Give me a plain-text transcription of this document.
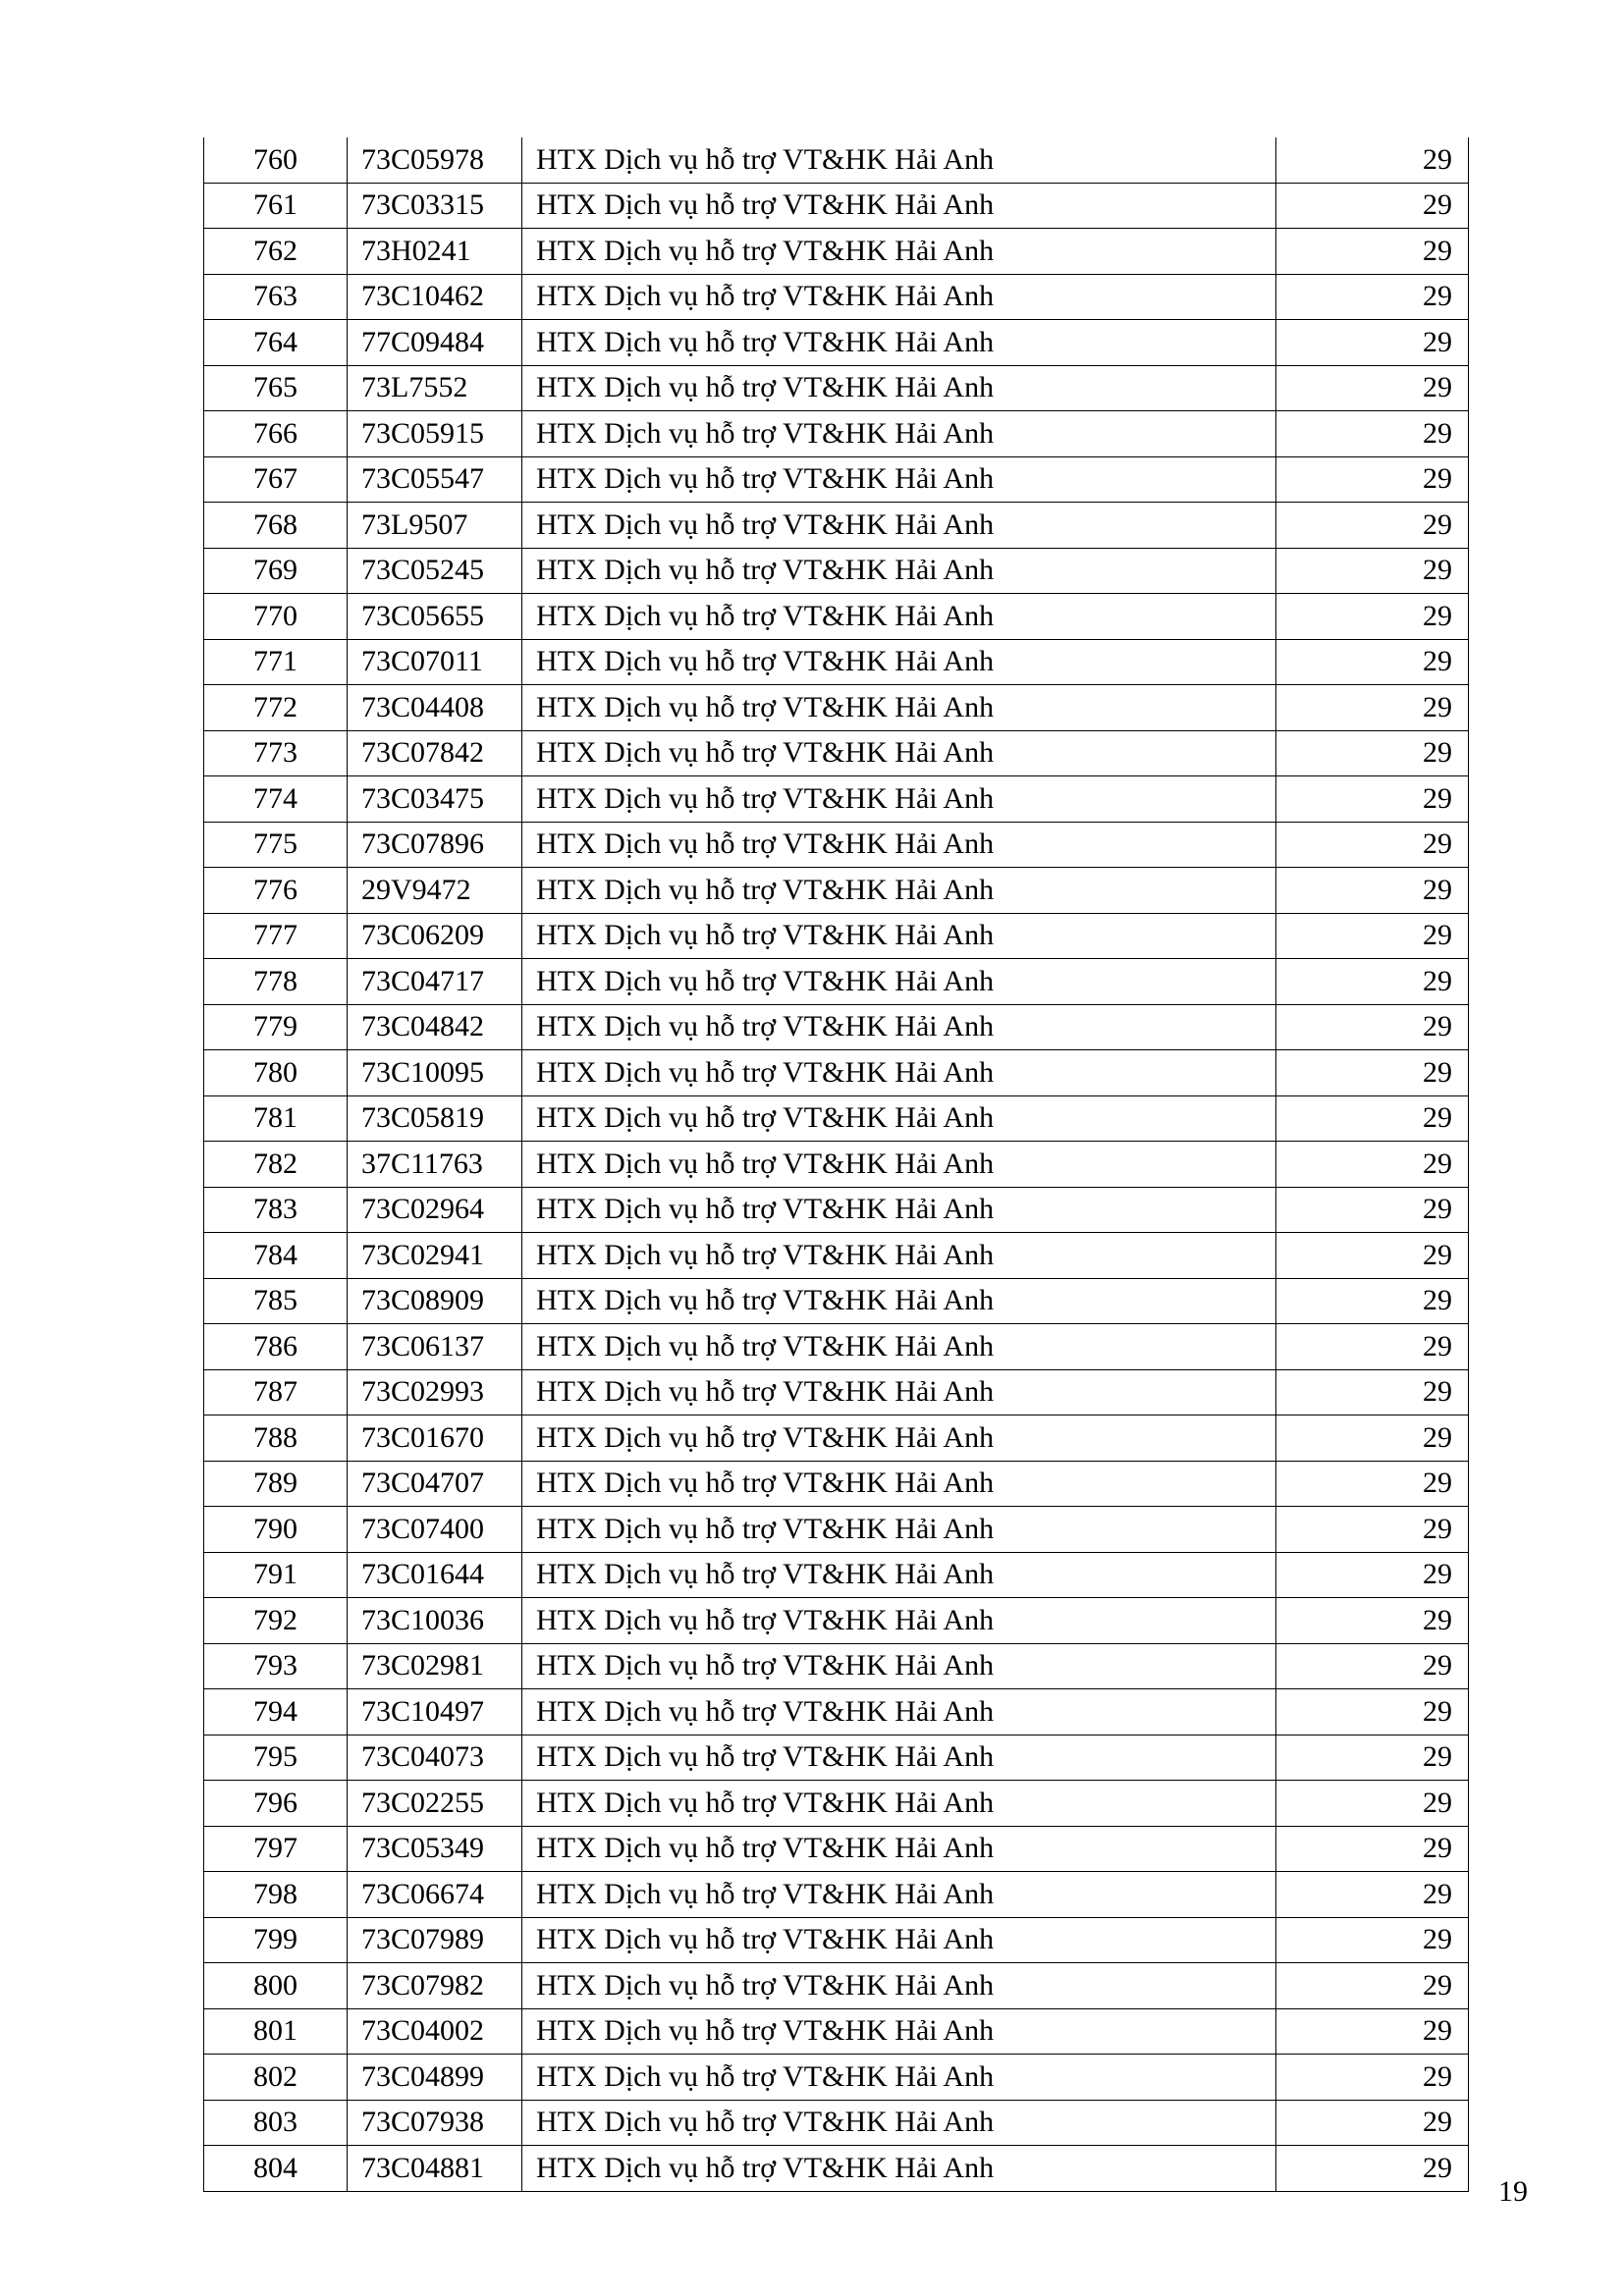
760	73C05978	HTX Dịch vụ hỗ trợ VT&HK Hải Anh	29
761	73C03315	HTX Dịch vụ hỗ trợ VT&HK Hải Anh	29
762	73H0241	HTX Dịch vụ hỗ trợ VT&HK Hải Anh	29
763	73C10462	HTX Dịch vụ hỗ trợ VT&HK Hải Anh	29
764	77C09484	HTX Dịch vụ hỗ trợ VT&HK Hải Anh	29
765	73L7552	HTX Dịch vụ hỗ trợ VT&HK Hải Anh	29
766	73C05915	HTX Dịch vụ hỗ trợ VT&HK Hải Anh	29
767	73C05547	HTX Dịch vụ hỗ trợ VT&HK Hải Anh	29
768	73L9507	HTX Dịch vụ hỗ trợ VT&HK Hải Anh	29
769	73C05245	HTX Dịch vụ hỗ trợ VT&HK Hải Anh	29
770	73C05655	HTX Dịch vụ hỗ trợ VT&HK Hải Anh	29
771	73C07011	HTX Dịch vụ hỗ trợ VT&HK Hải Anh	29
772	73C04408	HTX Dịch vụ hỗ trợ VT&HK Hải Anh	29
773	73C07842	HTX Dịch vụ hỗ trợ VT&HK Hải Anh	29
774	73C03475	HTX Dịch vụ hỗ trợ VT&HK Hải Anh	29
775	73C07896	HTX Dịch vụ hỗ trợ VT&HK Hải Anh	29
776	29V9472	HTX Dịch vụ hỗ trợ VT&HK Hải Anh	29
777	73C06209	HTX Dịch vụ hỗ trợ VT&HK Hải Anh	29
778	73C04717	HTX Dịch vụ hỗ trợ VT&HK Hải Anh	29
779	73C04842	HTX Dịch vụ hỗ trợ VT&HK Hải Anh	29
780	73C10095	HTX Dịch vụ hỗ trợ VT&HK Hải Anh	29
781	73C05819	HTX Dịch vụ hỗ trợ VT&HK Hải Anh	29
782	37C11763	HTX Dịch vụ hỗ trợ VT&HK Hải Anh	29
783	73C02964	HTX Dịch vụ hỗ trợ VT&HK Hải Anh	29
784	73C02941	HTX Dịch vụ hỗ trợ VT&HK Hải Anh	29
785	73C08909	HTX Dịch vụ hỗ trợ VT&HK Hải Anh	29
786	73C06137	HTX Dịch vụ hỗ trợ VT&HK Hải Anh	29
787	73C02993	HTX Dịch vụ hỗ trợ VT&HK Hải Anh	29
788	73C01670	HTX Dịch vụ hỗ trợ VT&HK Hải Anh	29
789	73C04707	HTX Dịch vụ hỗ trợ VT&HK Hải Anh	29
790	73C07400	HTX Dịch vụ hỗ trợ VT&HK Hải Anh	29
791	73C01644	HTX Dịch vụ hỗ trợ VT&HK Hải Anh	29
792	73C10036	HTX Dịch vụ hỗ trợ VT&HK Hải Anh	29
793	73C02981	HTX Dịch vụ hỗ trợ VT&HK Hải Anh	29
794	73C10497	HTX Dịch vụ hỗ trợ VT&HK Hải Anh	29
795	73C04073	HTX Dịch vụ hỗ trợ VT&HK Hải Anh	29
796	73C02255	HTX Dịch vụ hỗ trợ VT&HK Hải Anh	29
797	73C05349	HTX Dịch vụ hỗ trợ VT&HK Hải Anh	29
798	73C06674	HTX Dịch vụ hỗ trợ VT&HK Hải Anh	29
799	73C07989	HTX Dịch vụ hỗ trợ VT&HK Hải Anh	29
800	73C07982	HTX Dịch vụ hỗ trợ VT&HK Hải Anh	29
801	73C04002	HTX Dịch vụ hỗ trợ VT&HK Hải Anh	29
802	73C04899	HTX Dịch vụ hỗ trợ VT&HK Hải Anh	29
803	73C07938	HTX Dịch vụ hỗ trợ VT&HK Hải Anh	29
804	73C04881	HTX Dịch vụ hỗ trợ VT&HK Hải Anh	29
19
